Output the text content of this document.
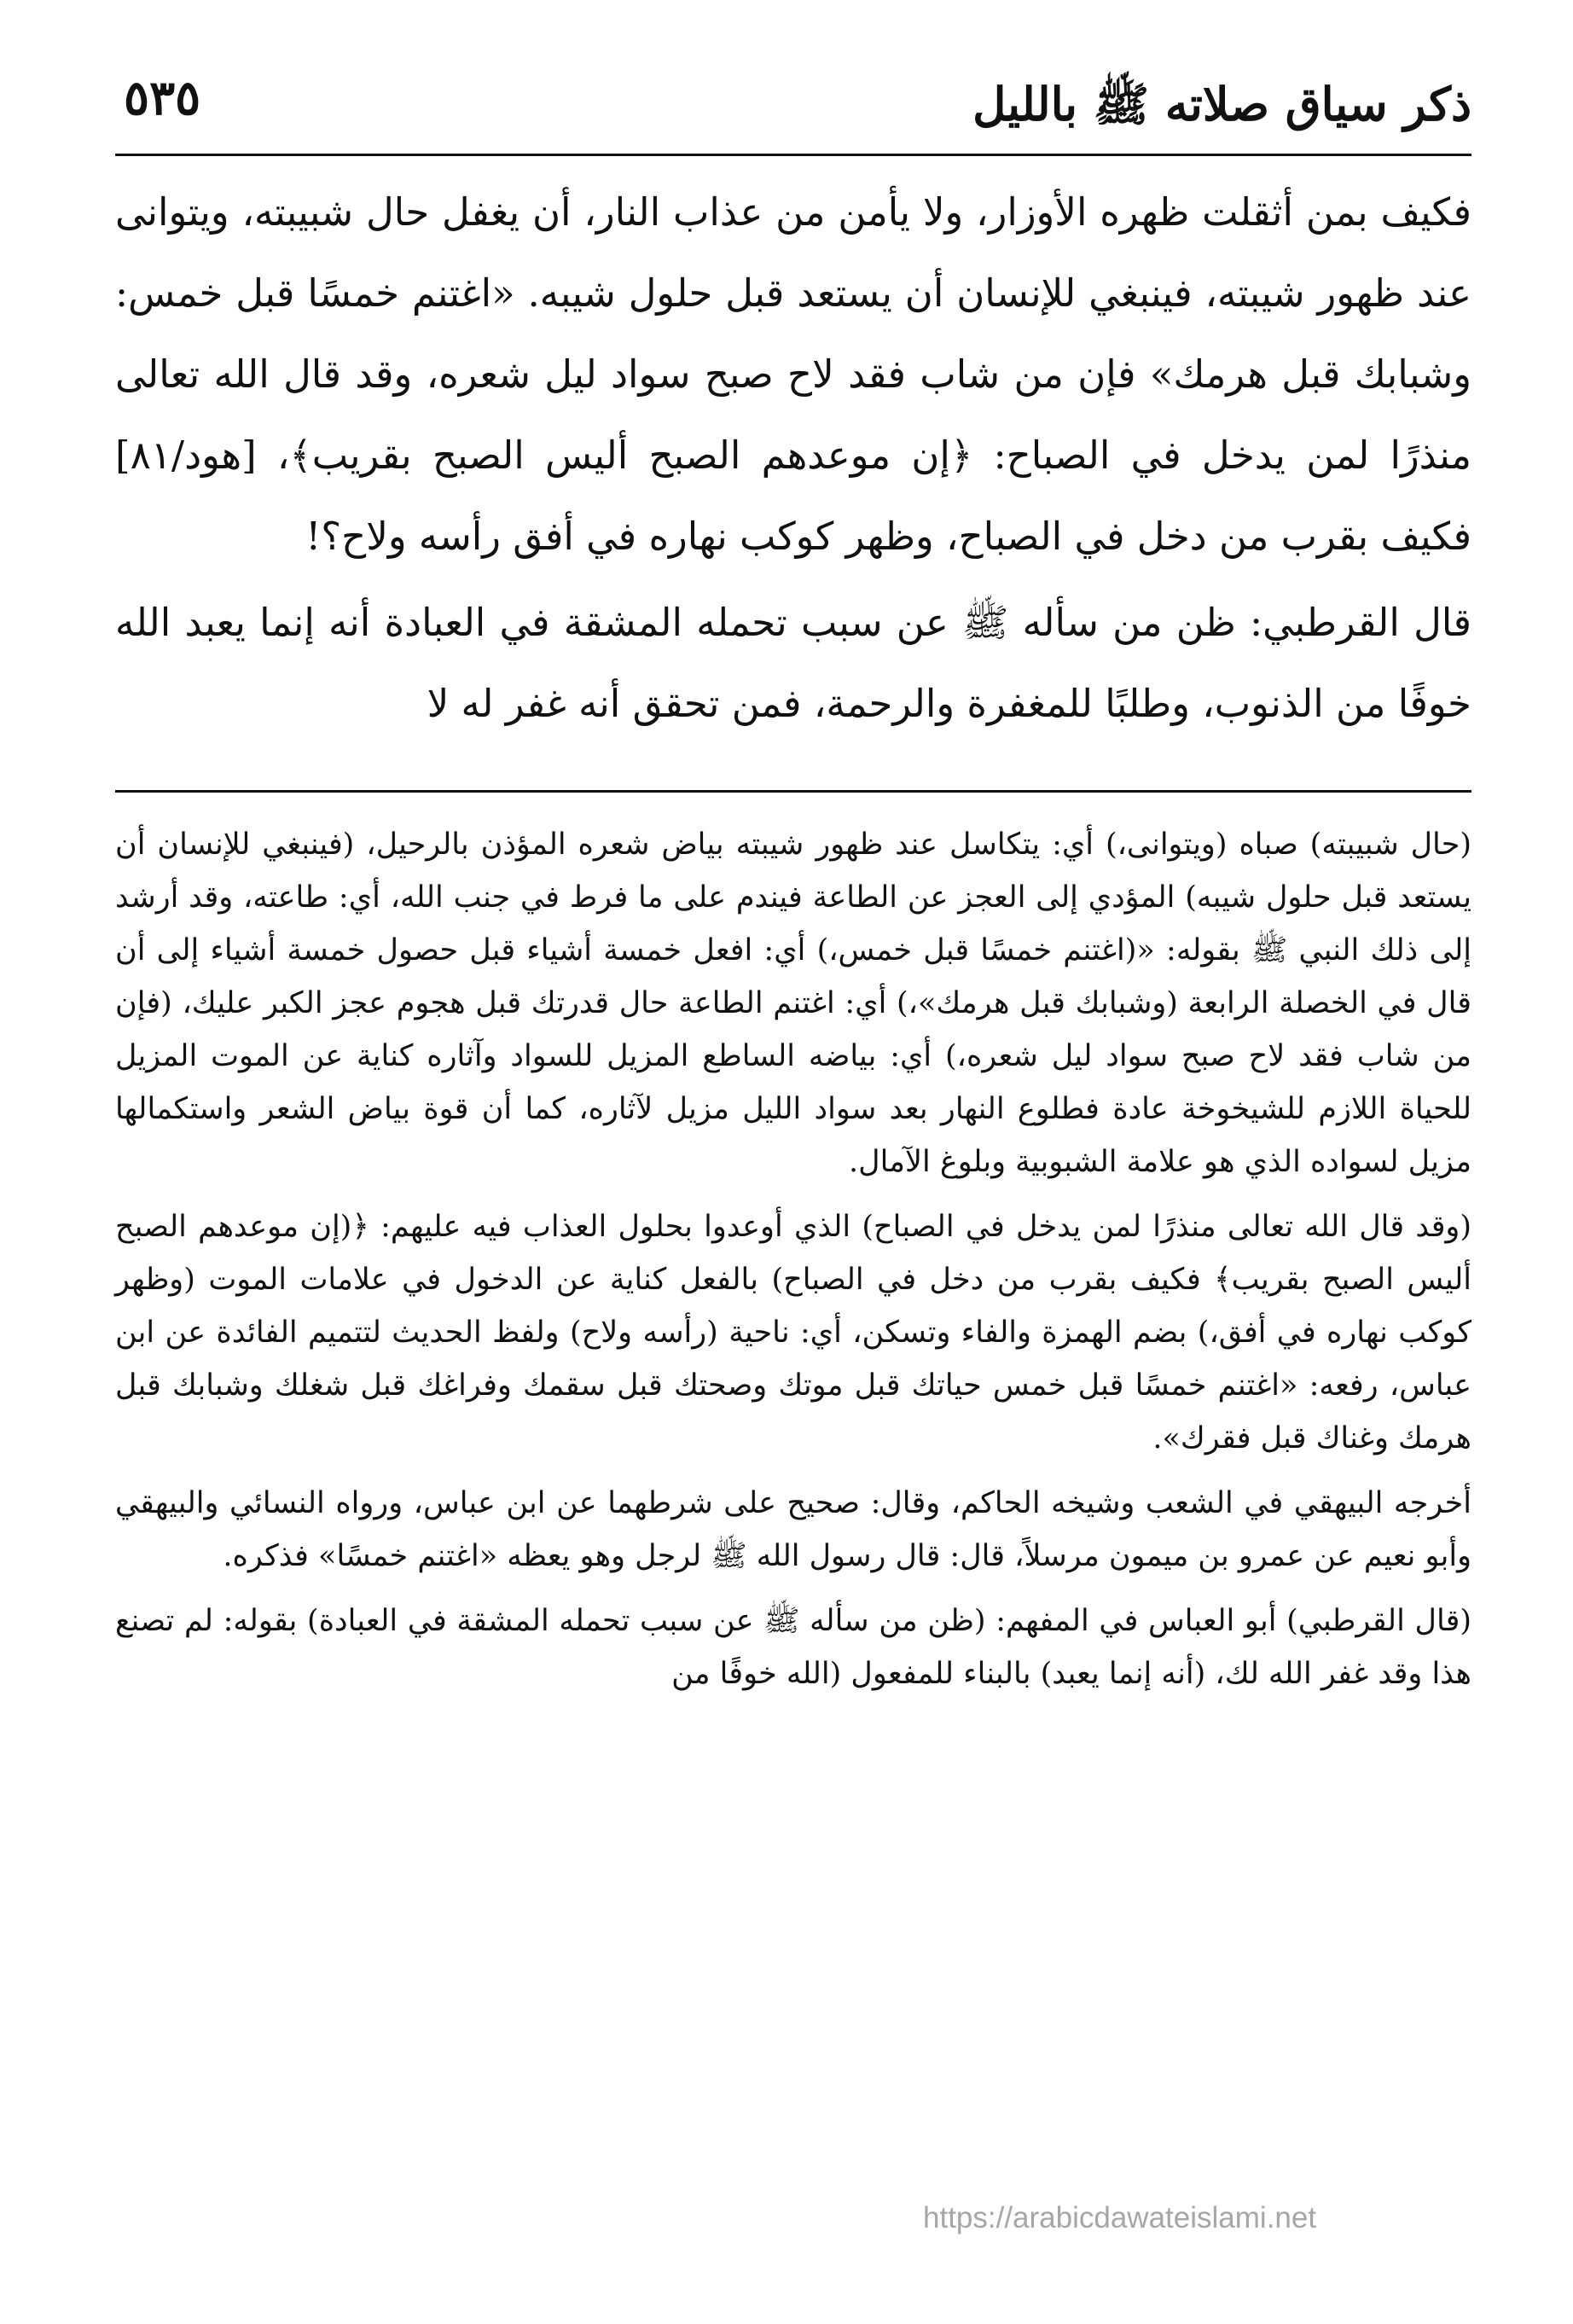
ذكر سياق صلاته ﷺ بالليل
٥٣٥

فكيف بمن أثقلت ظهره الأوزار، ولا يأمن من عذاب النار، أن يغفل حال شبيبته، ويتوانى عند ظهور شيبته، فينبغي للإنسان أن يستعد قبل حلول شيبه. «اغتنم خمسًا قبل خمس: وشبابك قبل هرمك» فإن من شاب فقد لاح صبح سواد ليل شعره، وقد قال الله تعالى منذرًا لمن يدخل في الصباح: ﴿إن موعدهم الصبح أليس الصبح بقريب﴾، [هود/٨١] فكيف بقرب من دخل في الصباح، وظهر كوكب نهاره في أفق رأسه ولاح؟!

قال القرطبي: ظن من سأله ﷺ عن سبب تحمله المشقة في العبادة أنه إنما يعبد الله خوفًا من الذنوب، وطلبًا للمغفرة والرحمة، فمن تحقق أنه غفر له لا

(حال شبيبته) صباه (ويتوانى،) أي: يتكاسل عند ظهور شيبته بياض شعره المؤذن بالرحيل، (فينبغي للإنسان أن يستعد قبل حلول شيبه) المؤدي إلى العجز عن الطاعة فيندم على ما فرط في جنب الله، أي: طاعته، وقد أرشد إلى ذلك النبي ﷺ بقوله: «(اغتنم خمسًا قبل خمس،) أي: افعل خمسة أشياء قبل حصول خمسة أشياء إلى أن قال في الخصلة الرابعة (وشبابك قبل هرمك»،) أي: اغتنم الطاعة حال قدرتك قبل هجوم عجز الكبر عليك، (فإن من شاب فقد لاح صبح سواد ليل شعره،) أي: بياضه الساطع المزيل للسواد وآثاره كناية عن الموت المزيل للحياة اللازم للشيخوخة عادة فطلوع النهار بعد سواد الليل مزيل لآثاره، كما أن قوة بياض الشعر واستكمالها مزيل لسواده الذي هو علامة الشبوبية وبلوغ الآمال.

(وقد قال الله تعالى منذرًا لمن يدخل في الصباح) الذي أوعدوا بحلول العذاب فيه عليهم: ﴿(إن موعدهم الصبح أليس الصبح بقريب﴾ فكيف بقرب من دخل في الصباح) بالفعل كناية عن الدخول في علامات الموت (وظهر كوكب نهاره في أفق،) بضم الهمزة والفاء وتسكن، أي: ناحية (رأسه ولاح) ولفظ الحديث لتتميم الفائدة عن ابن عباس، رفعه: «اغتنم خمسًا قبل خمس حياتك قبل موتك وصحتك قبل سقمك وفراغك قبل شغلك وشبابك قبل هرمك وغناك قبل فقرك».

أخرجه البيهقي في الشعب وشيخه الحاكم، وقال: صحيح على شرطهما عن ابن عباس، ورواه النسائي والبيهقي وأبو نعيم عن عمرو بن ميمون مرسلاً، قال: قال رسول الله ﷺ لرجل وهو يعظه «اغتنم خمسًا» فذكره.

(قال القرطبي) أبو العباس في المفهم: (ظن من سأله ﷺ عن سبب تحمله المشقة في العبادة) بقوله: لم تصنع هذا وقد غفر الله لك، (أنه إنما يعبد) بالبناء للمفعول (الله خوفًا من

https://arabicdawateislami.net
